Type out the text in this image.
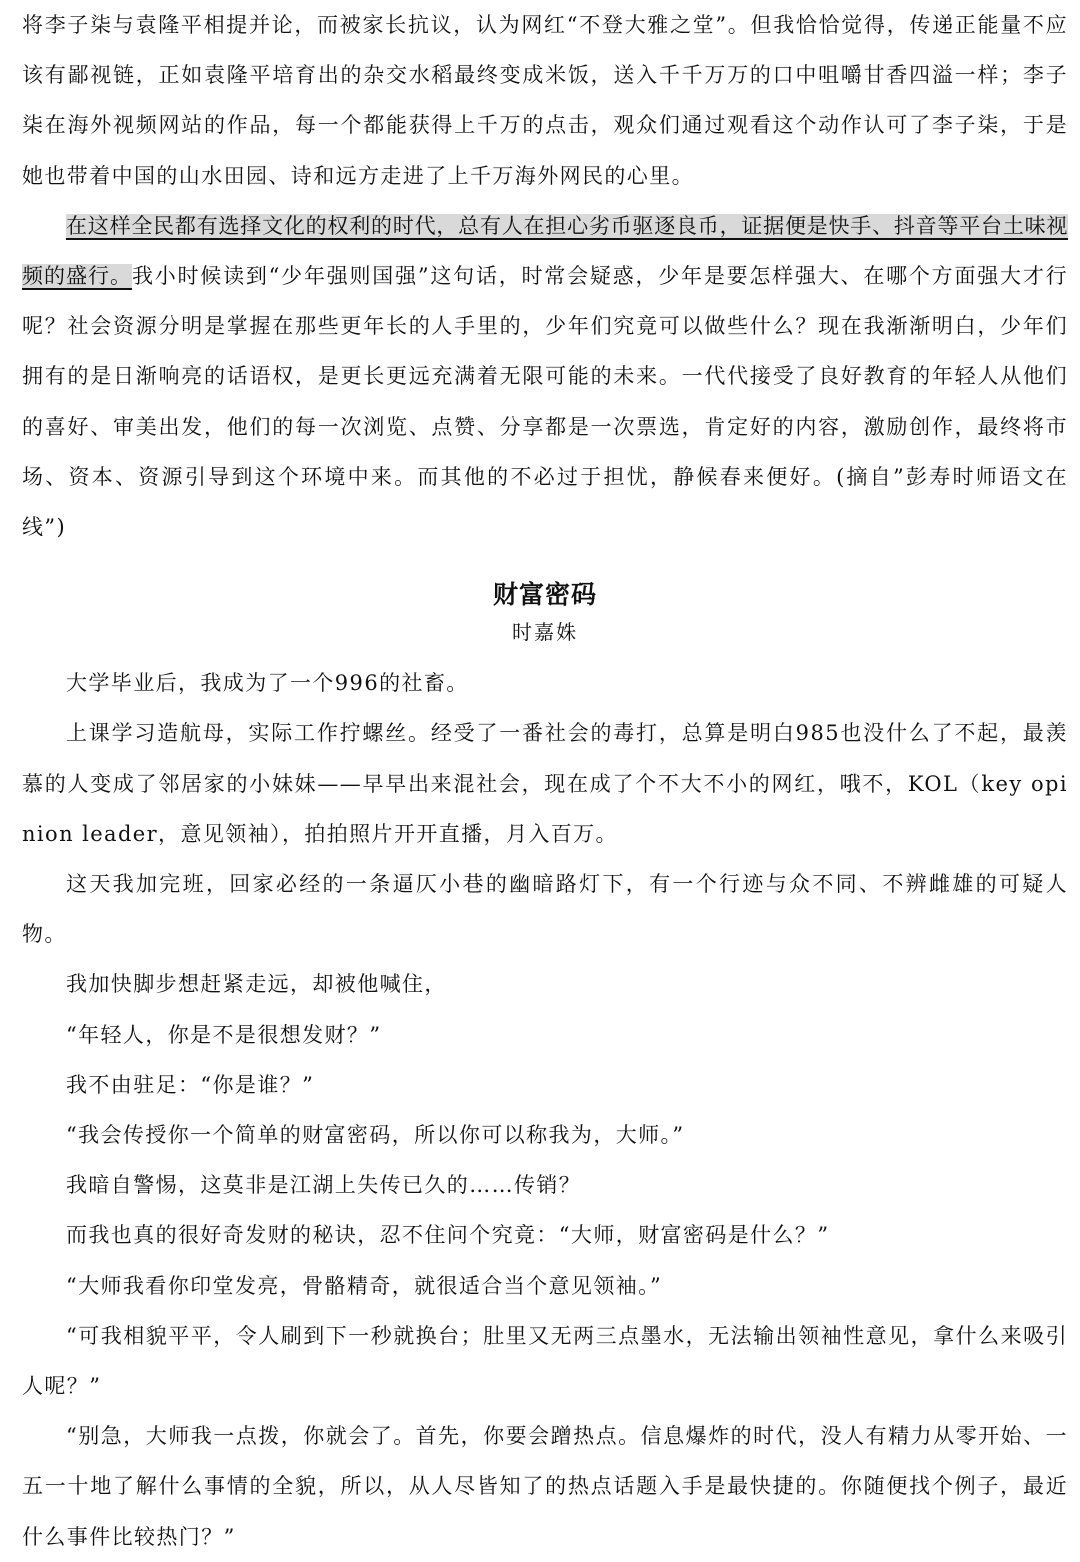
将李子柒与袁隆平相提并论，而被家长抗议，认为网红“不登大雅之堂”。但我恰恰觉得，传递正能量不应该有鄙视链，正如袁隆平培育出的杂交水稻最终变成米饭，送入千千万万的口中咀嚼甘香四溢一样；李子柒在海外视频网站的作品，每一个都能获得上千万的点击，观众们通过观看这个动作认可了李子柒，于是她也带着中国的山水田园、诗和远方走进了上千万海外网民的心里。

在这样全民都有选择文化的权利的时代，总有人在担心劣币驱逐良币，证据便是快手、抖音等平台土味视频的盛行。我小时候读到“少年强则国强”这句话，时常会疑惑，少年是要怎样强大、在哪个方面强大才行呢？社会资源分明是掌握在那些更年长的人手里的，少年们究竟可以做些什么？现在我渐渐明白，少年们拥有的是日渐响亮的话语权，是更长更远充满着无限可能的未来。一代代接受了良好教育的年轻人从他们的喜好、审美出发，他们的每一次浏览、点赞、分享都是一次票选，肯定好的内容，激励创作，最终将市场、资本、资源引导到这个环境中来。而其他的不必过于担忧，静候春来便好。(摘自”彭寿时师语文在线”)

财富密码
时嘉姝

大学毕业后，我成为了一个996的社畜。

上课学习造航母，实际工作拧螺丝。经受了一番社会的毒打，总算是明白985也没什么了不起，最羡慕的人变成了邻居家的小妹妹——早早出来混社会，现在成了个不大不小的网红，哦不，KOL（key opinion leader，意见领袖），拍拍照片开开直播，月入百万。

这天我加完班，回家必经的一条逼仄小巷的幽暗路灯下，有一个行迹与众不同、不辨雌雄的可疑人物。

我加快脚步想赶紧走远，却被他喊住，

“年轻人，你是不是很想发财？”

我不由驻足：“你是谁？”

“我会传授你一个简单的财富密码，所以你可以称我为，大师。”

我暗自警惕，这莫非是江湖上失传已久的……传销？

而我也真的很好奇发财的秘诀，忍不住问个究竟：“大师，财富密码是什么？”

“大师我看你印堂发亮，骨骼精奇，就很适合当个意见领袖。”

“可我相貌平平，令人刷到下一秒就换台；肚里又无两三点墨水，无法输出领袖性意见，拿什么来吸引人呢？”

“别急，大师我一点拨，你就会了。首先，你要会蹭热点。信息爆炸的时代，没人有精力从零开始、一五一十地了解什么事情的全貌，所以，从人尽皆知了的热点话题入手是最快捷的。你随便找个例子，最近什么事件比较热门？”
